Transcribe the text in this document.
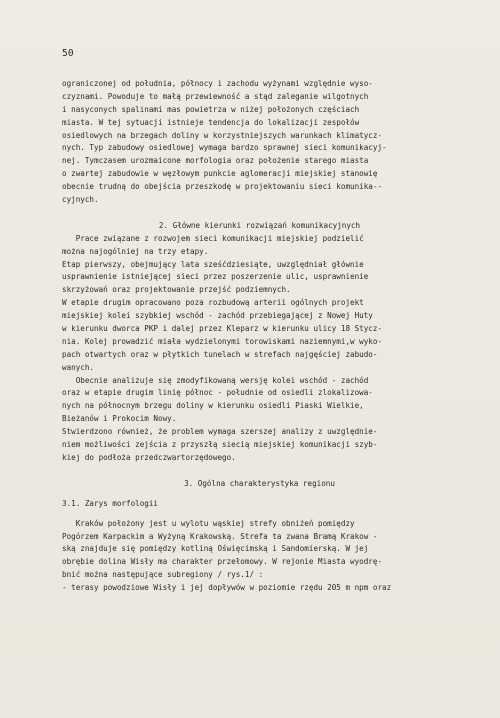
50
ograniczonej od południa, północy i zachodu wyżynami względnie wyso-
czyznami. Powoduje to małą przewiewność a stąd zaleganie wilgotnych
i nasyconych spalinami mas powietrza w niżej położonych częściach
miasta. W tej sytuacji istnieje tendencja do lokalizacji zespołów
osiedlowych na brzegach doliny w korzystniejszych warunkach klimatycz-
nych. Typ zabudowy osiedlowej wymaga bardzo sprawnej sieci komunikacyj-
nej. Tymczasem urozmaicone morfologia oraz położenie starego miasta
o zwartej zabudowie w węzłowym punkcie aglomeracji miejskiej stanowię
obecnie trudną do obejścia przeszkodę w projektowaniu sieci komunika--
cyjnych.
2. Główne kierunki rozwiązań komunikacyjnych
Prace związane z rozwojem sieci komunikacji miejskiej podzielić
można najogólniej na trzy etapy.
Etap pierwszy, obejmujący lata sześćdziesiąte, uwzględniał głównie
usprawnienie istniejącej sieci przez poszerzenie ulic, usprawnienie
skrzyżowań oraz projektowanie przejść podziemnych.
W etapie drugim opracowano poza rozbudową arterii ogólnych projekt
miejskiej kolei szybkiej wschód - zachód przebiegającej z Nowej Huty
w kierunku dworca PKP i dalej przez Kleparz w kierunku ulicy 18 Stycz-
nia. Kolej prowadzić miała wydzielonymi torowiskami naziemnymi,w wyko-
pach otwartych oraz w płytkich tunelach w strefach najgęściej zabudo-
wanych.
Obecnie analizuje się zmodyfikowaną wersję kolei wschód - zachód
oraz w etapie drugim linię północ - południe od osiedli zlokalizowa-
nych na północnym brzegu doliny w kierunku osiedli Piaski Wielkie,
Bieżanów i Prokocim Nowy.
Stwierdzono również, że problem wymaga szerszej analizy z uwzględnie-
niem możliwości zejścia z przyszłą siecią miejskiej komunikacji szyb-
kiej do podłoża przedczwartorzędowego.
3. Ogólna charakterystyka regionu
3.1. Zarys morfologii
Kraków położony jest u wylotu wąskiej strefy obniżeń pomiędzy
Pogórzem Karpackim a Wyżyną Krakowską. Strefa ta zwana Bramą Krakow -
ską znajduje się pomiędzy kotliną Oświęcimską i Sandomierską. W jej
obrębie dolina Wisły ma charakter przełomowy. W rejonie Miasta wyodrę-
bnić można następujące subregiony / rys.1/ :
- terasy powodziowe Wisły i jej dopływów w poziomie rzędu 205 m npm oraz
